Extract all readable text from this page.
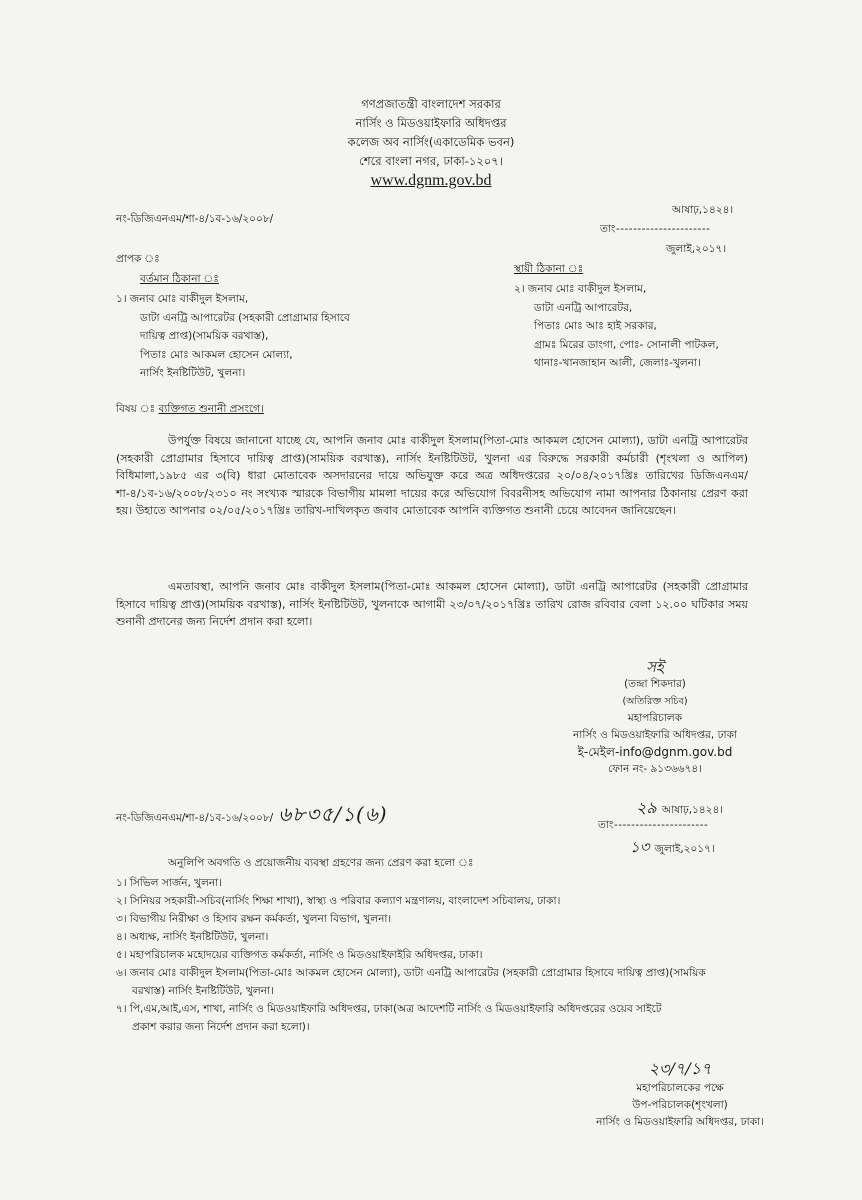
গণপ্রজাতন্ত্রী বাংলাদেশ সরকার
নার্সিং ও মিডওয়াইফারি অধিদপ্তর
কলেজ অব নার্সিং(একাডেমিক ভবন)
শেরে বাংলা নগর, ঢাকা-১২০৭।
www.dgnm.gov.bd
নং-ডিজিএনএম/শা-৪/১ব-১৬/২০০৮/
আষাঢ়,১৪২৪।
তাং----------------------
জুলাই,২০১৭।
প্রাপক ঃ
বর্তমান ঠিকানা ঃ
১। জনাব মোঃ বাকীদুল ইসলাম,
ডাটা এনট্রি আপারেটর (সহকারী প্রোগ্রামার হিসাবে
দায়িত্ব প্রাপ্ত)(সাময়িক বরখাস্ত),
পিতাঃ মোঃ আকমল হোসেন মোল্যা,
নার্সিং ইনষ্টিটিউট, খুলনা।
স্থায়ী ঠিকানা ঃ
২। জনাব মোঃ বাকীদুল ইসলাম,
ডাটা এনট্রি আপারেটর,
পিতাঃ মোঃ আঃ হাই সরকার,
গ্রামঃ মিরের ডাংগা, পোঃ- সোনালী পাটকল,
থানাঃ-খানজাহান আলী, জেলাঃ-খুলনা।
বিষয় ঃ ব্যক্তিগত শুনানী প্রসংগে।
উপর্যুক্ত বিষয়ে জানানো যাচ্ছে যে, আপনি জনাব মোঃ বাকীদুল ইসলাম(পিতা-মোঃ আকমল হোসেন মোল্যা), ডাটা এনট্রি আপারেটর (সহকারী প্রোগ্রামার হিসাবে দায়িত্ব প্রাপ্ত)(সাময়িক বরখাস্ত), নার্সিং ইনষ্টিটিউট, খুলনা এর বিরুদ্ধে সরকারী কর্মচারী (শৃংখলা ও আপিল) বিধিমালা,১৯৮৫ এর ৩(বি) ধারা মোতাবেক অসদারনের দায়ে অভিযুক্ত করে অত্র অধিদপ্তরের ২০/০৪/২০১৭খ্রিঃ তারিখের ডিজিএনএম/শা-৪/১ব-১৬/২০০৮/২৩১০ নং সংখ্যক স্মারকে বিভাগীয় মামলা দায়ের করে অভিযোগ বিবরনীসহ অভিযোগ নামা আপনার ঠিকানায় প্রেরণ করা হয়। উহাতে আপনার ০২/০৫/২০১৭খ্রিঃ তারিখ-দাখিলকৃত জবাব মোতাবেক আপনি ব্যক্তিগত শুনানী চেয়ে আবেদন জানিয়েছেন।
এমতাবস্থা, আপনি জনাব মোঃ বাকীদুল ইসলাম(পিতা-মোঃ আকমল হোসেন মোল্যা), ডাটা এনট্রি আপারেটর (সহকারী প্রোগ্রামার হিসাবে দায়িত্ব প্রাপ্ত)(সাময়িক বরখাস্ত), নার্সিং ইনষ্টিটিউট, খুলনাকে আগামী ২৩/০৭/২০১৭খ্রিঃ তারিখ রোজ রবিবার বেলা ১২.০০ ঘটিকার সময় শুনানী প্রদানের জন্য নির্দেশ প্রদান করা হলো।
সই
(তন্দ্রা শিকদার)
(অতিরিক্ত সচিব)
মহাপরিচালক
নার্সিং ও মিডওয়াইফারি অধিদপ্তর, ঢাকা
ই-মেইল-info@dgnm.gov.bd
ফোন নং- ৯১৩৬৬৭৪।
নং-ডিজিএনএম/শা-৪/১ব-১৬/২০০৮/ ৬৮৩৫/১(৬)	২৯ আষাঢ়,১৪২৪।
তাং----------------------
১৩ জুলাই,২০১৭।
অনুলিপি অবগতি ও প্রয়োজনীয় ব্যবস্থা গ্রহণের জন্য প্রেরণ করা হলো ঃ
১। সিভিল সার্জন, খুলনা।
২। সিনিয়র সহকারী-সচিব(নার্সিং শিক্ষা শাখা), স্বাস্থ্য ও পরিবার কল্যাণ মন্ত্রণালয়, বাংলাদেশ সচিবালয়, ঢাকা।
৩। বিভাগীয় নিরীক্ষা ও হিসাব রক্ষন কর্মকর্তা, খুলনা বিভাগ, খুলনা।
৪। অধ্যক্ষ, নার্সিং ইনষ্টিটিউট, খুলনা।
৫। মহাপরিচালক মহোদয়ের ব্যক্তিগত কর্মকর্তা, নার্সিং ও মিডওয়াইফাইরি অধিদপ্তর, ঢাকা।
৬। জনাব মোঃ বাকীদুল ইসলাম(পিতা-মোঃ আকমল হোসেন মোল্যা), ডাটা এনট্রি আপারেটর (সহকারী প্রোগ্রামার হিসাবে দায়িত্ব প্রাপ্ত)(সাময়িক
বরখাস্ত) নার্সিং ইনষ্টিটিউট, খুলনা।
৭। পি,এম,আই,এস, শাখা, নার্সিং ও মিডওয়াইফারি অধিদপ্তর, ঢাকা(অত্র আদেশটি নার্সিং ও মিডওয়াইফারি অধিদপ্তরের ওয়েব সাইটে
প্রকাশ করার জন্য নির্দেশ প্রদান করা হলো)।
২৩/৭/১৭
মহাপরিচালকের পক্ষে
উপ-পরিচালক(শৃংখলা)
নার্সিং ও মিডওয়াইফারি অধিদপ্তর, ঢাকা।
